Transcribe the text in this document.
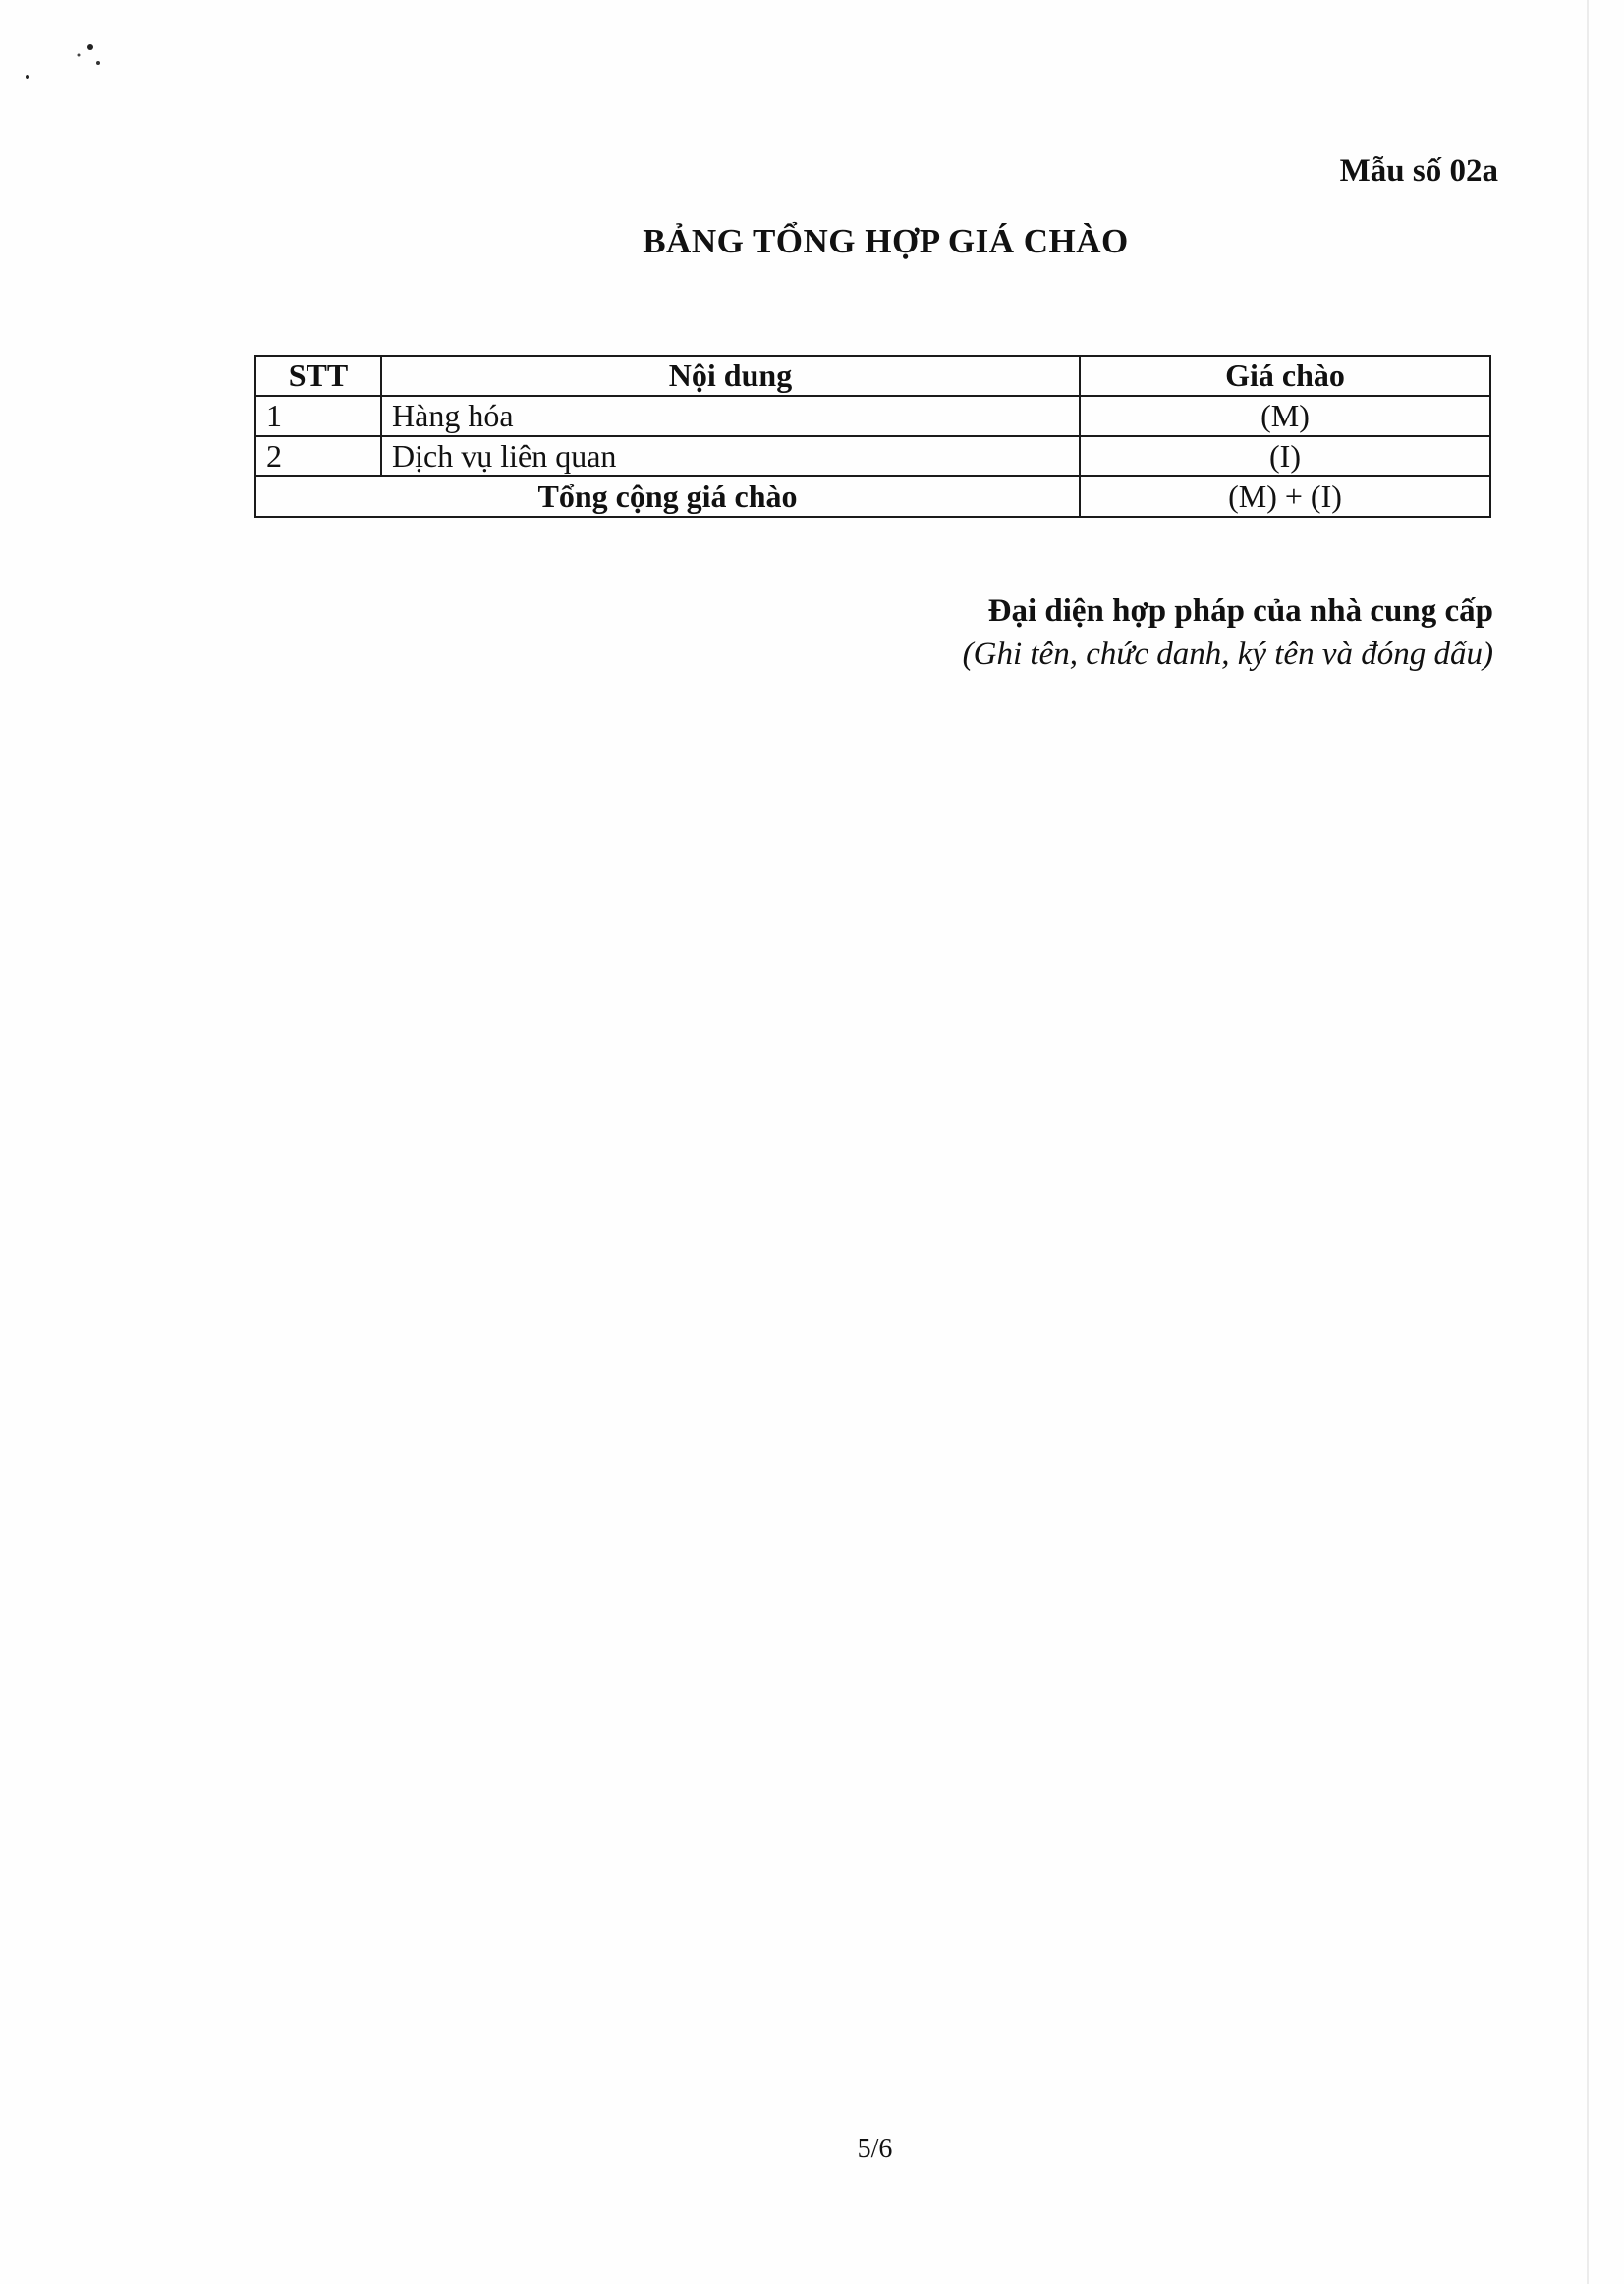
Mẫu số 02a
BẢNG TỔNG HỢP GIÁ CHÀO
STT	Nội dung	Giá chào
1	Hàng hóa	(M)
2	Dịch vụ liên quan	(I)
Tổng cộng giá chào		(M) + (I)
Đại diện hợp pháp của nhà cung cấp
(Ghi tên, chức danh, ký tên và đóng dấu)
5/6
